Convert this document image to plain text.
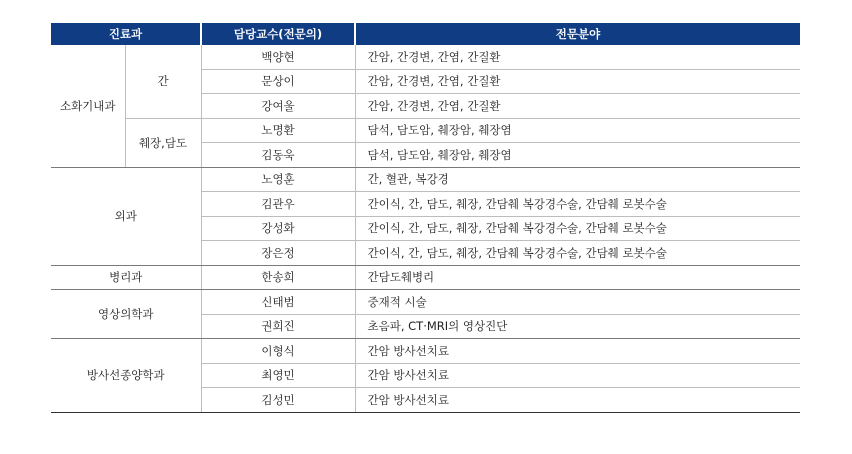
진료과		담당교수(전문의)	전문분야
소화기내과	간	백양현	간암, 간경변, 간염, 간질환
		문상이	간암, 간경변, 간염, 간질환
		강여울	간암, 간경변, 간염, 간질환
	췌장,담도	노명환	담석, 담도암, 췌장암, 췌장염
		김동욱	담석, 담도암, 췌장암, 췌장염
외과		노영훈	간, 혈관, 복강경
		김관우	간이식, 간, 담도, 췌장, 간담췌 복강경수술, 간담췌 로봇수술
		강성화	간이식, 간, 담도, 췌장, 간담췌 복강경수술, 간담췌 로봇수술
		장은정	간이식, 간, 담도, 췌장, 간담췌 복강경수술, 간담췌 로봇수술
병리과		한송희	간담도췌병리
영상의학과		신태범	중재적 시술
		권희진	초음파, CT·MRI의 영상진단
방사선종양학과		이형식	간암 방사선치료
		최영민	간암 방사선치료
		김성민	간암 방사선치료
